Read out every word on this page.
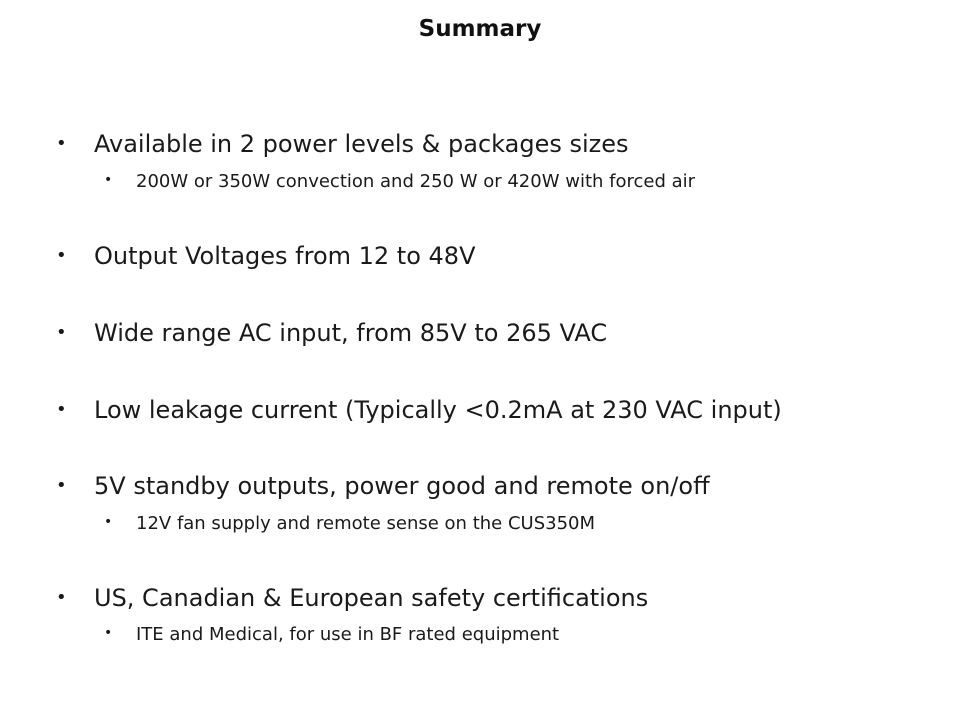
Summary
• Available in 2 power levels & packages sizes
• 200W or 350W convection and 250 W or 420W with forced air
• Output Voltages from 12 to 48V
• Wide range AC input, from 85V to 265 VAC
• Low leakage current (Typically <0.2mA at 230 VAC input)
• 5V standby outputs, power good and remote on/off
• 12V fan supply and remote sense on the CUS350M
• US, Canadian & European safety certifications
• ITE and Medical, for use in BF rated equipment
